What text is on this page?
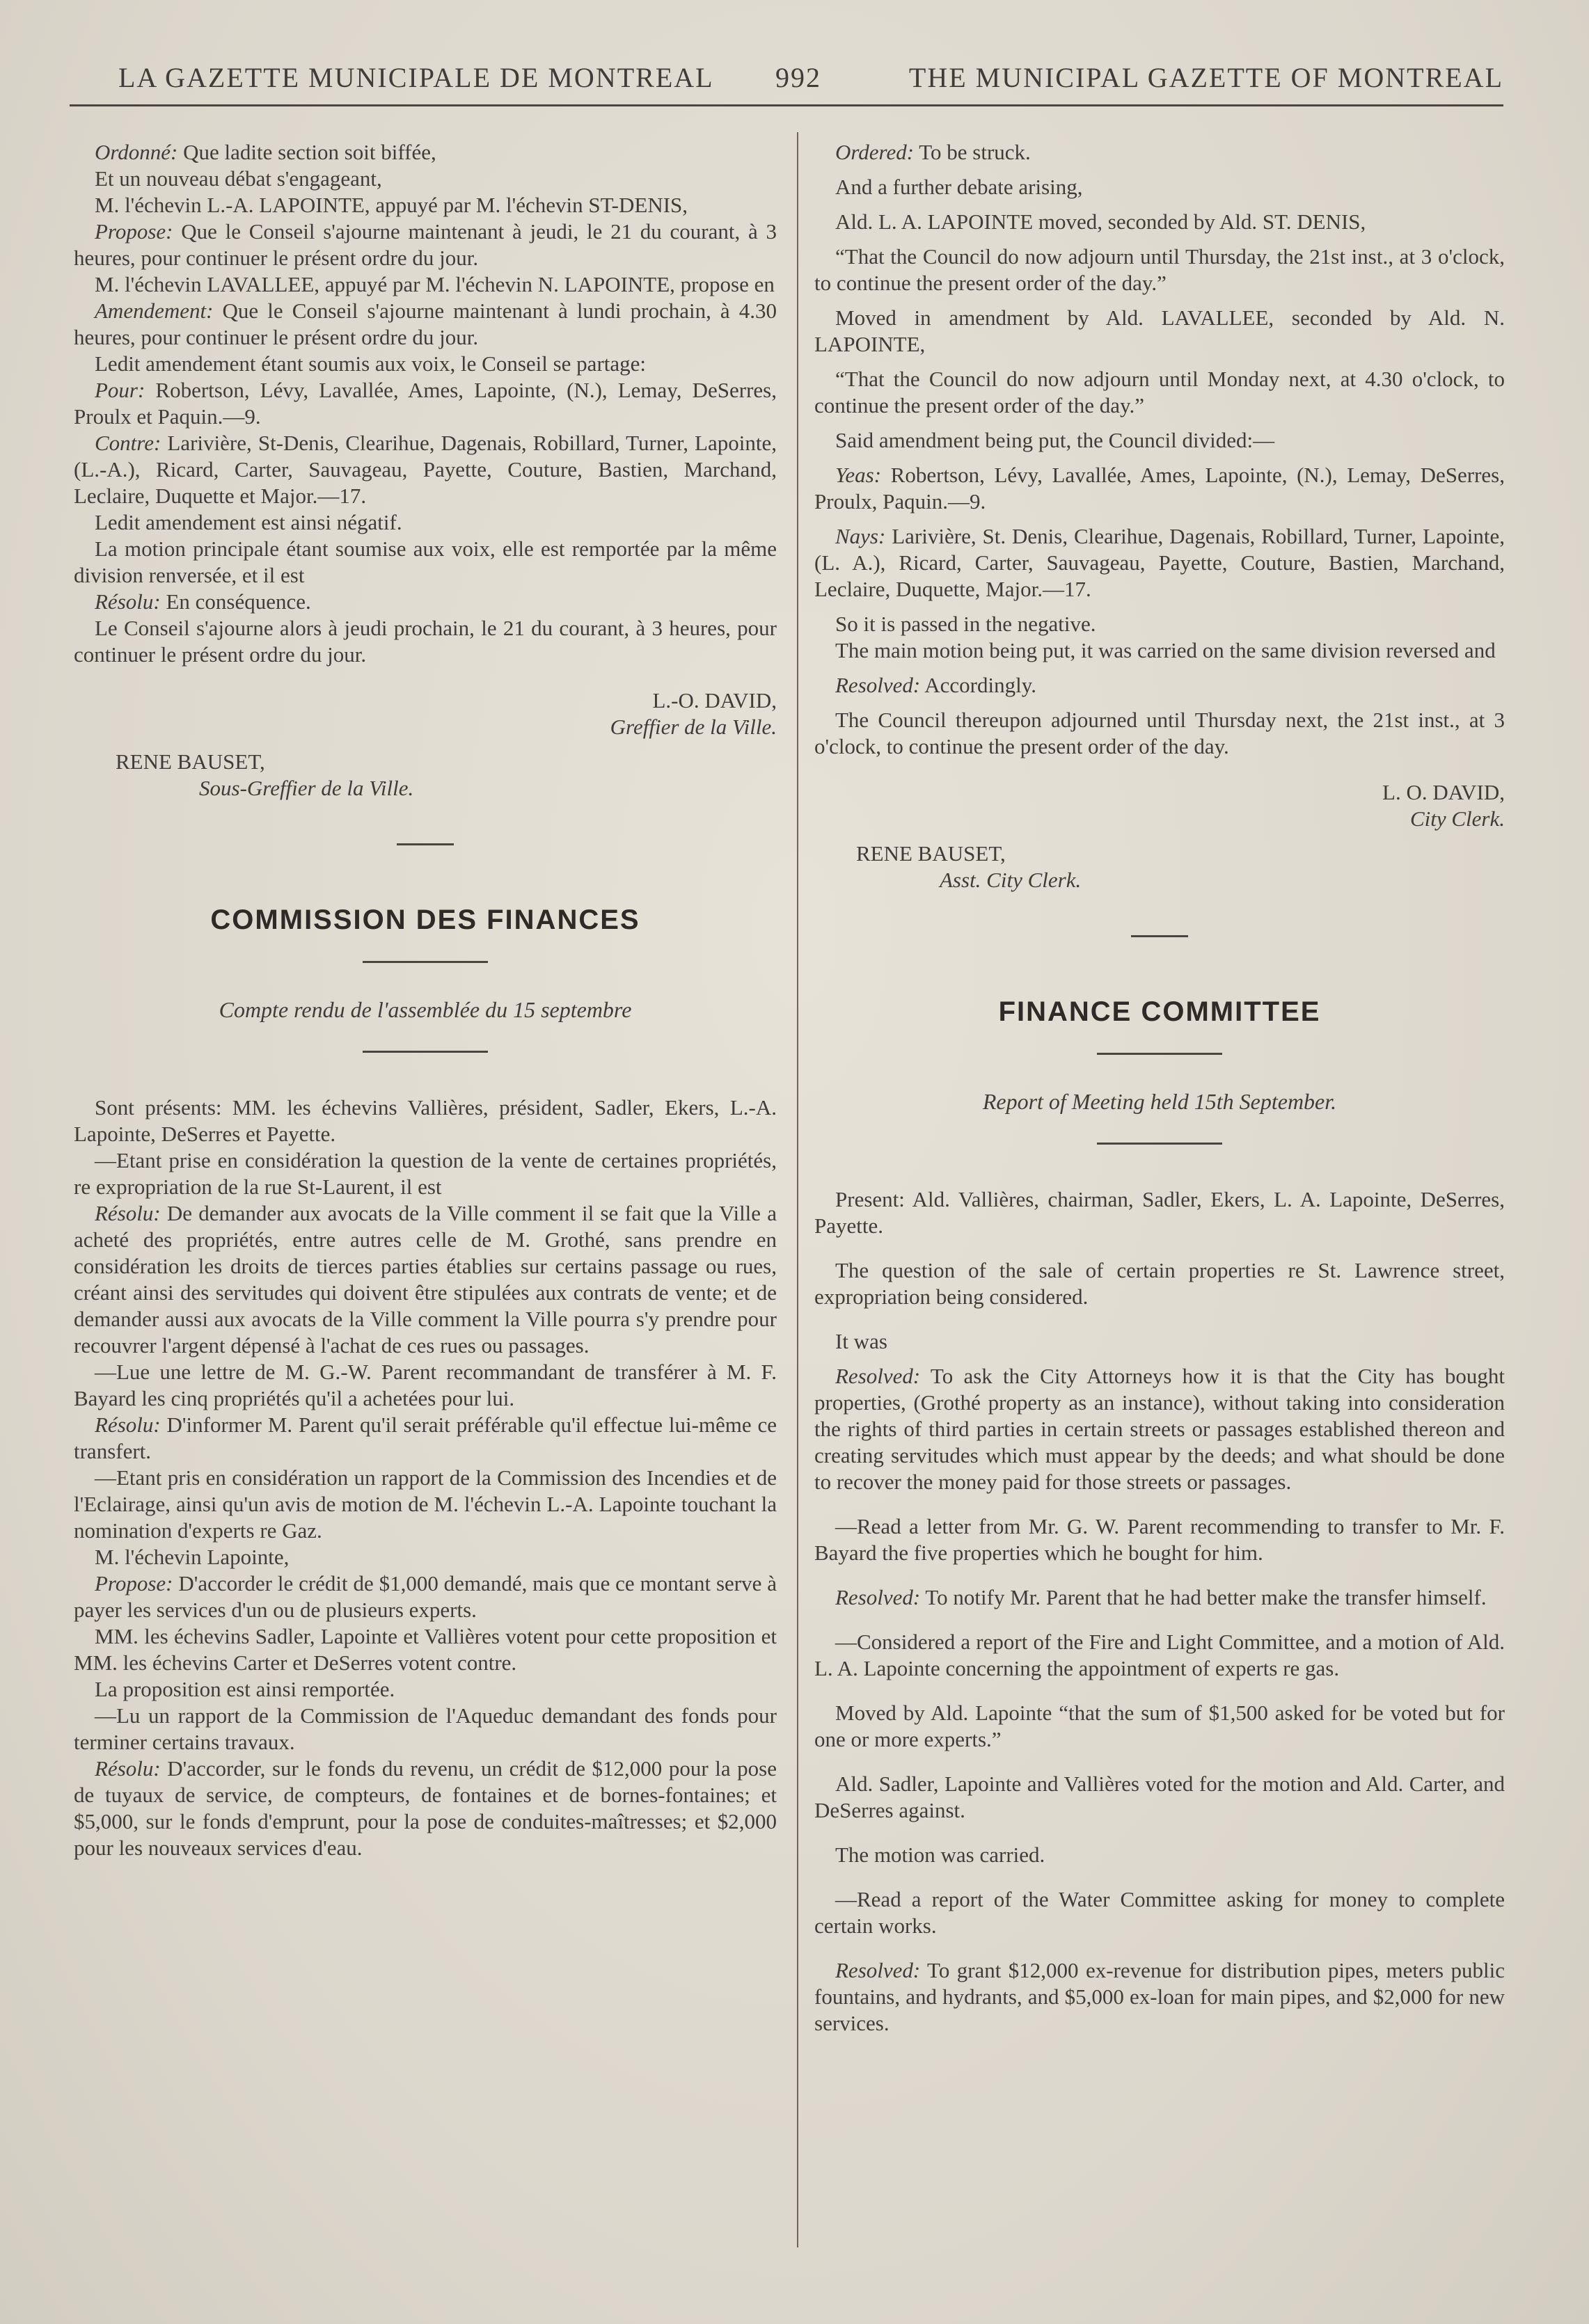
LA GAZETTE MUNICIPALE DE MONTREAL 992	THE MUNICIPAL GAZETTE OF MONTREAL

Ordonné: Que ladite section soit biffée,

Et un nouveau débat s'engageant,

M. l'échevin L.-A. LAPOINTE, appuyé par M. l'échevin ST-DENIS,

Propose: Que le Conseil s'ajourne maintenant à jeudi, le 21 du courant, à 3 heures, pour continuer le présent ordre du jour.

M. l'échevin LAVALLEE, appuyé par M. l'échevin N. LAPOINTE, propose en

Amendement: Que le Conseil s'ajourne maintenant à lundi prochain, à 4.30 heures, pour continuer le présent ordre du jour.

Ledit amendement étant soumis aux voix, le Conseil se partage:

Pour: Robertson, Lévy, Lavallée, Ames, Lapointe, (N.), Lemay, DeSerres, Proulx et Paquin.—9.

Contre: Larivière, St-Denis, Clearihue, Dagenais, Robillard, Turner, Lapointe, (L.-A.), Ricard, Carter, Sauvageau, Payette, Couture, Bastien, Marchand, Leclaire, Duquette et Major.—17.

Ledit amendement est ainsi négatif.

La motion principale étant soumise aux voix, elle est remportée par la même division renversée, et il est

Résolu: En conséquence.

Le Conseil s'ajourne alors à jeudi prochain, le 21 du courant, à 3 heures, pour continuer le présent ordre du jour.

L.-O. DAVID,
Greffier de la Ville.

RENE BAUSET,
Sous-Greffier de la Ville.

COMMISSION DES FINANCES

Compte rendu de l'assemblée du 15 septembre

Sont présents: MM. les échevins Vallières, président, Sadler, Ekers, L.-A. Lapointe, DeSerres et Payette.

—Etant prise en considération la question de la vente de certaines propriétés, re expropriation de la rue St-Laurent, il est

Résolu: De demander aux avocats de la Ville comment il se fait que la Ville a acheté des propriétés, entre autres celle de M. Grothé, sans prendre en considération les droits de tierces parties établies sur certains passage ou rues, créant ainsi des servitudes qui doivent être stipulées aux contrats de vente; et de demander aussi aux avocats de la Ville comment la Ville pourra s'y prendre pour recouvrer l'argent dépensé à l'achat de ces rues ou passages.

—Lue une lettre de M. G.-W. Parent recommandant de transférer à M. F. Bayard les cinq propriétés qu'il a achetées pour lui.

Résolu: D'informer M. Parent qu'il serait préférable qu'il effectue lui-même ce transfert.

—Etant pris en considération un rapport de la Commission des Incendies et de l'Eclairage, ainsi qu'un avis de motion de M. l'échevin L.-A. Lapointe touchant la nomination d'experts re Gaz.

M. l'échevin Lapointe,

Propose: D'accorder le crédit de $1,000 demandé, mais que ce montant serve à payer les services d'un ou de plusieurs experts.

MM. les échevins Sadler, Lapointe et Vallières votent pour cette proposition et MM. les échevins Carter et DeSerres votent contre.

La proposition est ainsi remportée.

—Lu un rapport de la Commission de l'Aqueduc demandant des fonds pour terminer certains travaux.

Résolu: D'accorder, sur le fonds du revenu, un crédit de $12,000 pour la pose de tuyaux de service, de compteurs, de fontaines et de bornes-fontaines; et $5,000, sur le fonds d'emprunt, pour la pose de conduites-maîtresses; et $2,000 pour les nouveaux services d'eau.

Ordered: To be struck.

And a further debate arising,

Ald. L. A. LAPOINTE moved, seconded by Ald. ST. DENIS,

“That the Council do now adjourn until Thursday, the 21st inst., at 3 o'clock, to continue the present order of the day.”

Moved in amendment by Ald. LAVALLEE, seconded by Ald. N. LAPOINTE,

“That the Council do now adjourn until Monday next, at 4.30 o'clock, to continue the present order of the day.”

Said amendment being put, the Council divided:—

Yeas: Robertson, Lévy, Lavallée, Ames, Lapointe, (N.), Lemay, DeSerres, Proulx, Paquin.—9.

Nays: Larivière, St. Denis, Clearihue, Dagenais, Robillard, Turner, Lapointe, (L. A.), Ricard, Carter, Sauvageau, Payette, Couture, Bastien, Marchand, Leclaire, Duquette, Major.—17.

So it is passed in the negative.

The main motion being put, it was carried on the same division reversed and

Resolved: Accordingly.

The Council thereupon adjourned until Thursday next, the 21st inst., at 3 o'clock, to continue the present order of the day.

L. O. DAVID,
City Clerk.

RENE BAUSET,
Asst. City Clerk.

FINANCE COMMITTEE

Report of Meeting held 15th September.

Present: Ald. Vallières, chairman, Sadler, Ekers, L. A. Lapointe, DeSerres, Payette.

The question of the sale of certain properties re St. Lawrence street, expropriation being considered.

It was

Resolved: To ask the City Attorneys how it is that the City has bought properties, (Grothé property as an instance), without taking into consideration the rights of third parties in certain streets or passages established thereon and creating servitudes which must appear by the deeds; and what should be done to recover the money paid for those streets or passages.

—Read a letter from Mr. G. W. Parent recommending to transfer to Mr. F. Bayard the five properties which he bought for him.

Resolved: To notify Mr. Parent that he had better make the transfer himself.

—Considered a report of the Fire and Light Committee, and a motion of Ald. L. A. Lapointe concerning the appointment of experts re gas.

Moved by Ald. Lapointe “that the sum of $1,500 asked for be voted but for one or more experts.”

Ald. Sadler, Lapointe and Vallières voted for the motion and Ald. Carter, and DeSerres against.

The motion was carried.

—Read a report of the Water Committee asking for money to complete certain works.

Resolved: To grant $12,000 ex-revenue for distribution pipes, meters public fountains, and hydrants, and $5,000 ex-loan for main pipes, and $2,000 for new services.
